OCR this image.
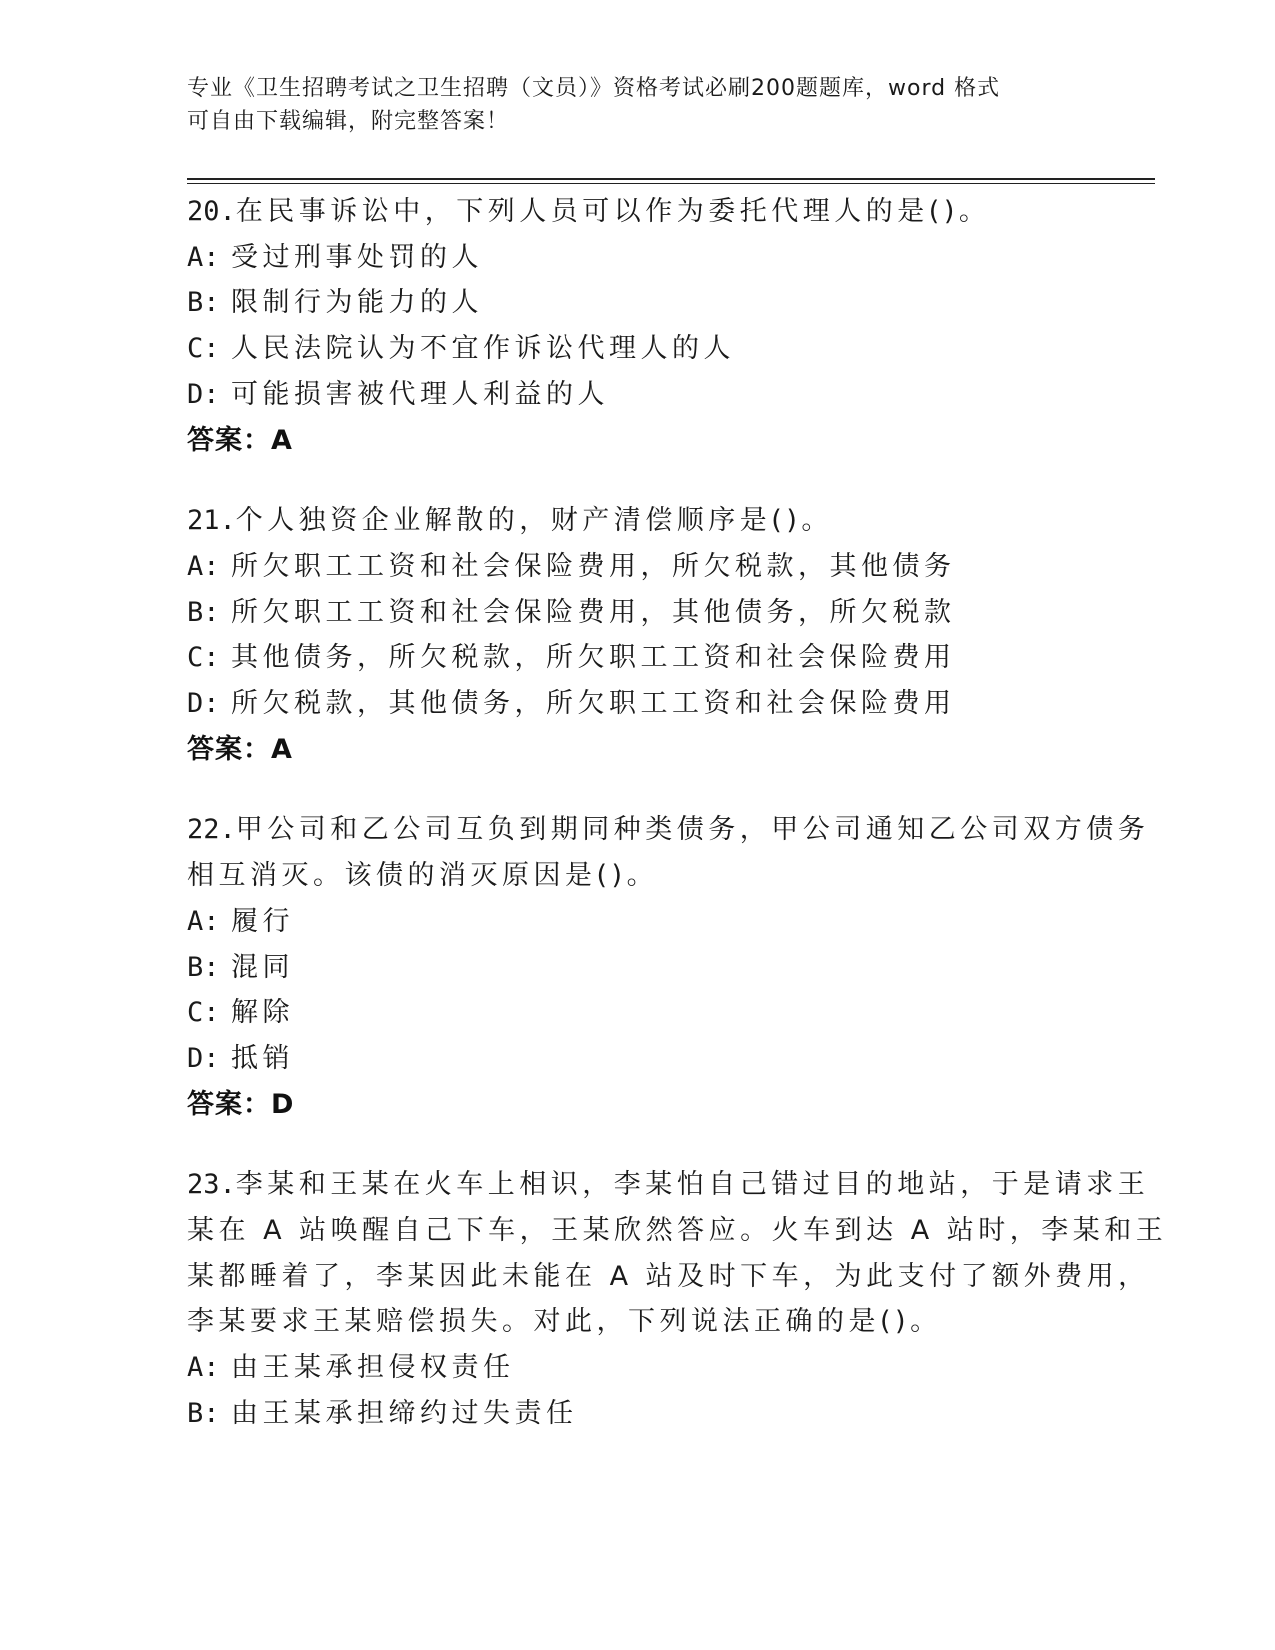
专业《卫生招聘考试之卫生招聘（文员）》资格考试必刷200题题库，word 格式
可自由下载编辑，附完整答案！
20.在民事诉讼中，下列人员可以作为委托代理人的是()。
A: 受过刑事处罚的人
B: 限制行为能力的人
C: 人民法院认为不宜作诉讼代理人的人
D: 可能损害被代理人利益的人
答案：A
21.个人独资企业解散的，财产清偿顺序是()。
A: 所欠职工工资和社会保险费用，所欠税款，其他债务
B: 所欠职工工资和社会保险费用，其他债务，所欠税款
C: 其他债务，所欠税款，所欠职工工资和社会保险费用
D: 所欠税款，其他债务，所欠职工工资和社会保险费用
答案：A
22.甲公司和乙公司互负到期同种类债务，甲公司通知乙公司双方债务
相互消灭。该债的消灭原因是()。
A: 履行
B: 混同
C: 解除
D: 抵销
答案：D
23.李某和王某在火车上相识，李某怕自己错过目的地站，于是请求王
某在 A 站唤醒自己下车，王某欣然答应。火车到达 A 站时，李某和王
某都睡着了，李某因此未能在 A 站及时下车，为此支付了额外费用，
李某要求王某赔偿损失。对此，下列说法正确的是()。
A: 由王某承担侵权责任
B: 由王某承担缔约过失责任
